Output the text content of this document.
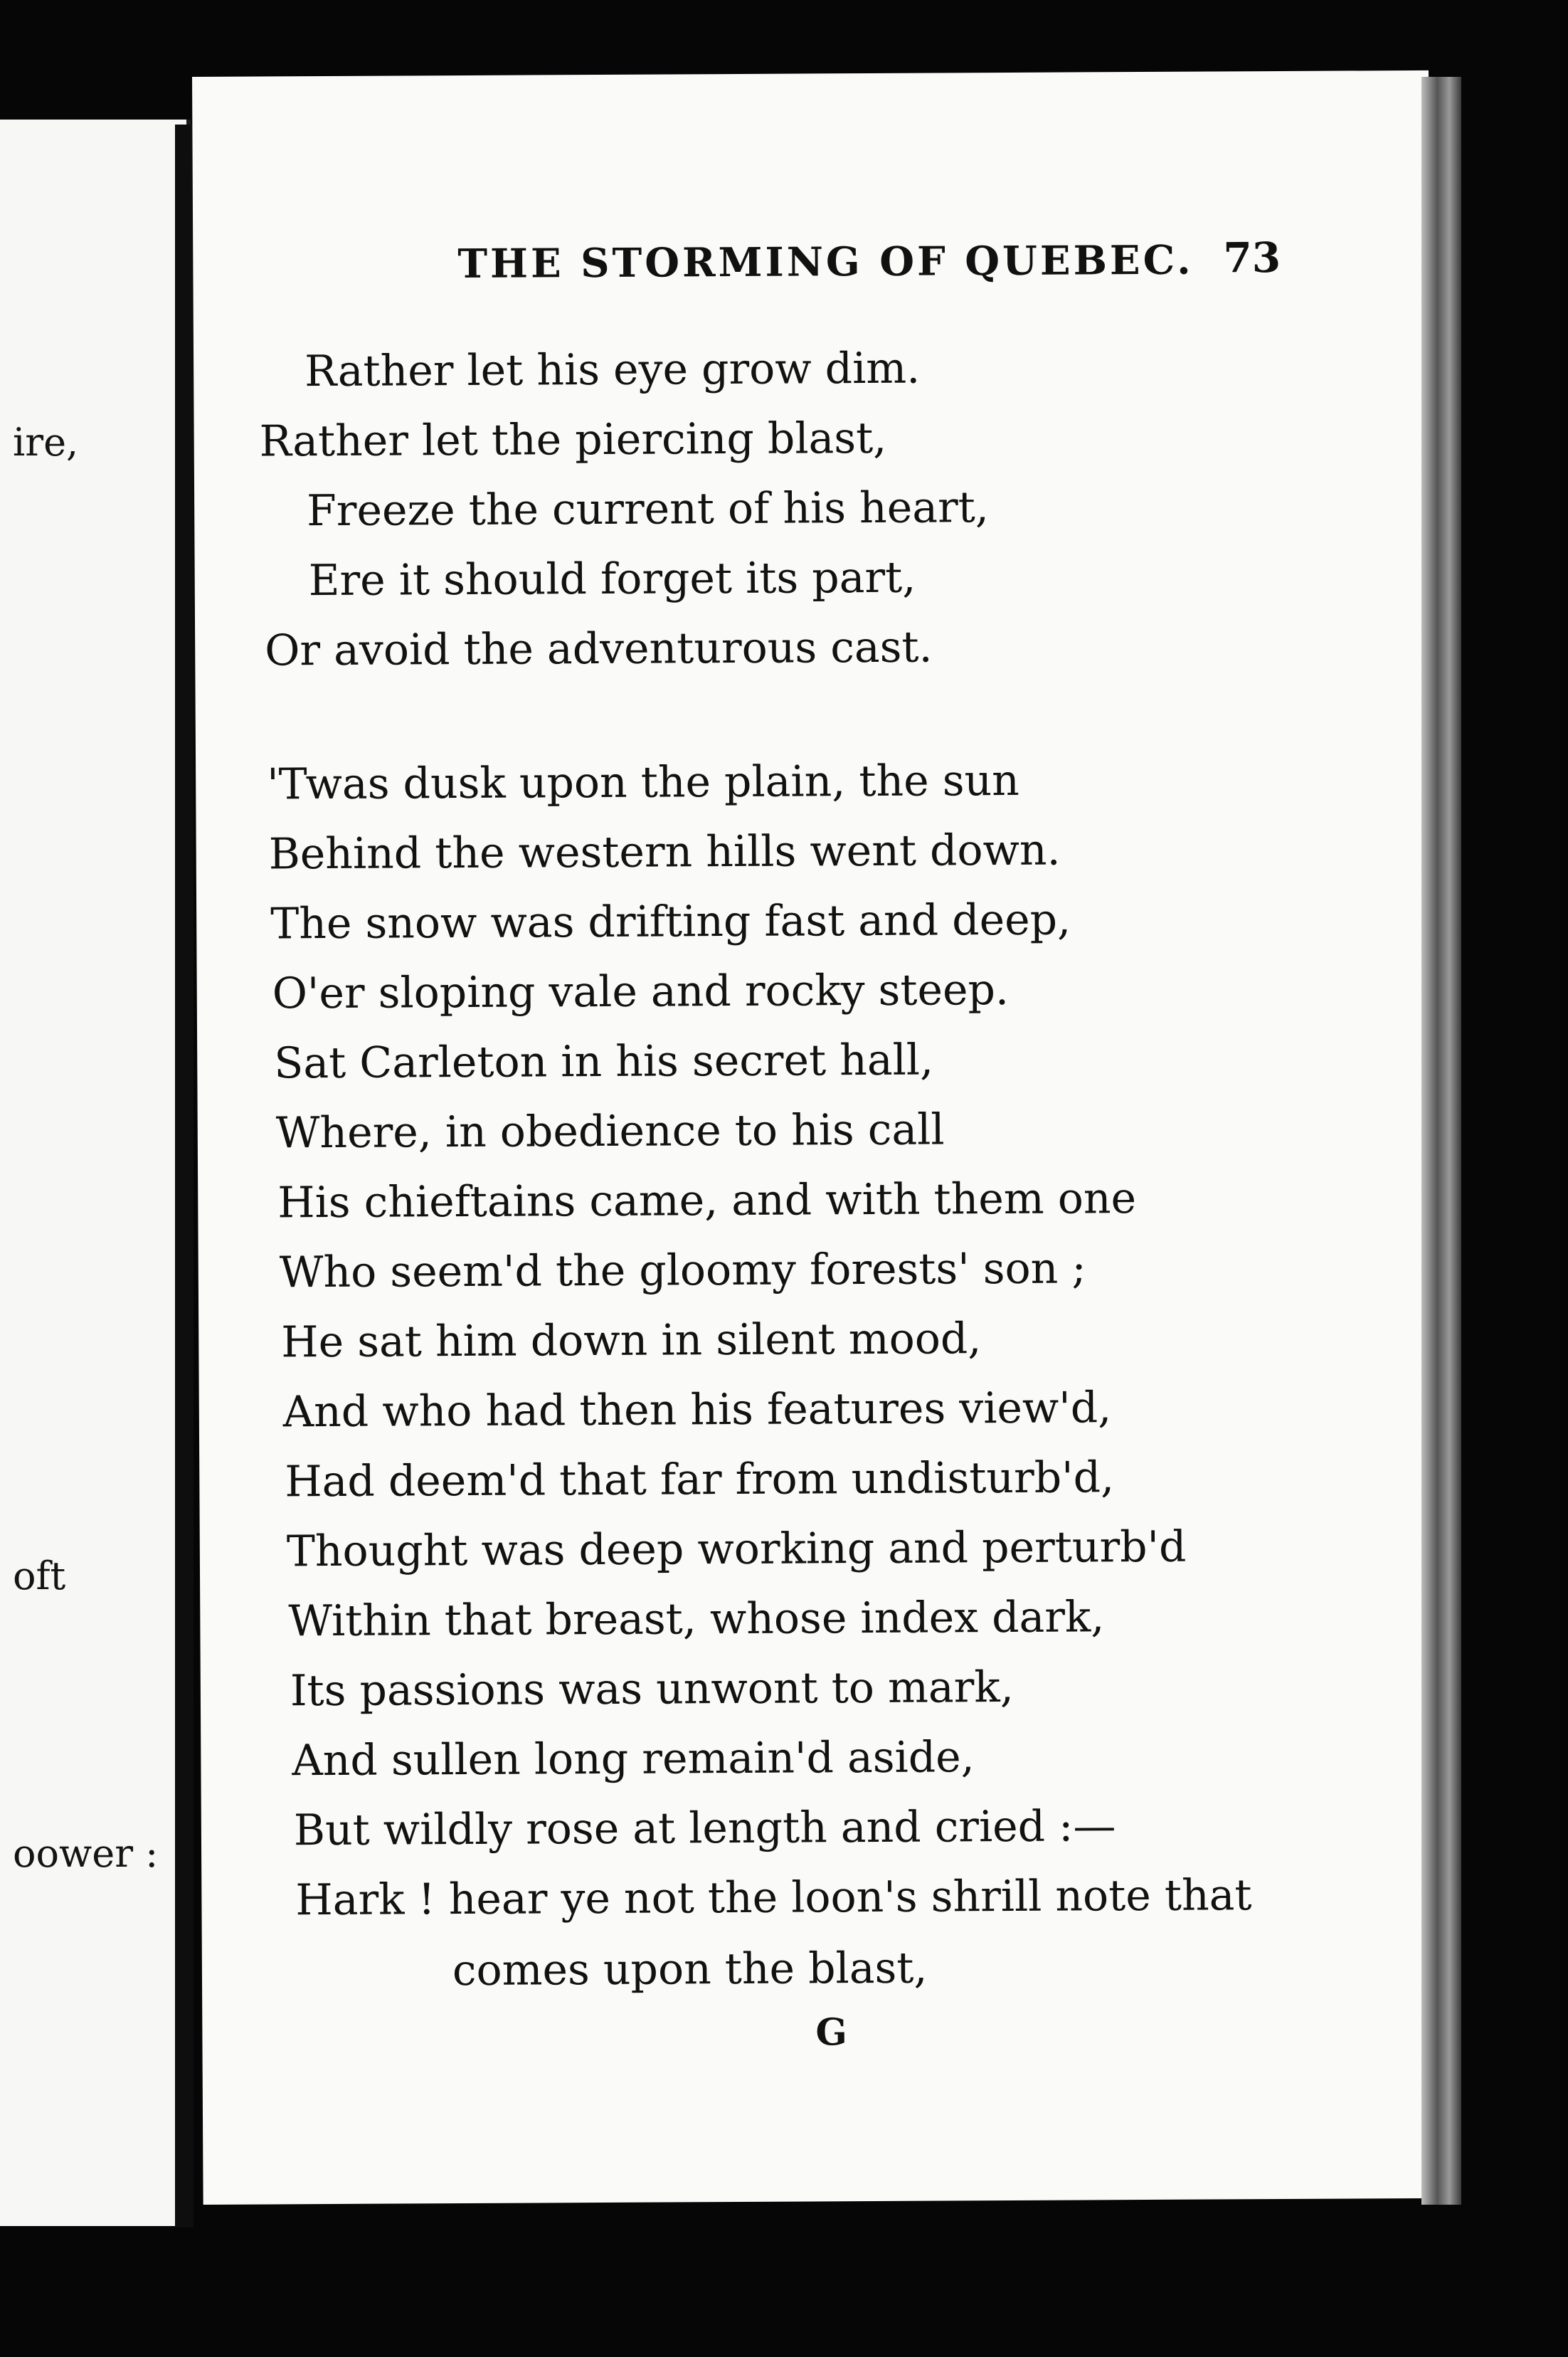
ire,
oft
oower :
THE STORMING OF QUEBEC. 73
Rather let his eye grow dim.
Rather let the piercing blast,
Freeze the current of his heart,
Ere it should forget its part,
Or avoid the adventurous cast.
'Twas dusk upon the plain, the sun
Behind the western hills went down.
The snow was drifting fast and deep,
O'er sloping vale and rocky steep.
Sat Carleton in his secret hall,
Where, in obedience to his call
His chieftains came, and with them one
Who seem'd the gloomy forests' son ;
He sat him down in silent mood,
And who had then his features view'd,
Had deem'd that far from undisturb'd,
Thought was deep working and perturb'd
Within that breast, whose index dark,
Its passions was unwont to mark,
And sullen long remain'd aside,
But wildly rose at length and cried :—
Hark ! hear ye not the loon's shrill note that
comes upon the blast,
G
